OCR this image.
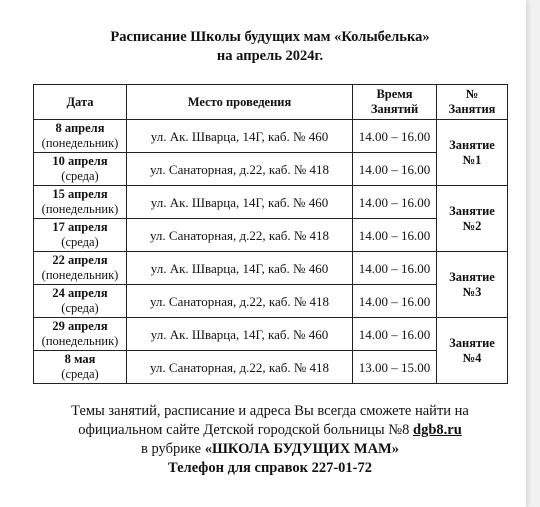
Расписание Школы будущих мам «Колыбелька»
на апрель 2024г.
Дата	Место проведения	Время
Занятий	№
Занятия

8 апреля
(понедельник)	ул. Ак. Шварца, 14Г, каб. № 460	14.00 – 16.00	Занятие
№1

10 апреля
(среда)	ул. Санаторная, д.22, каб. № 418	14.00 – 16.00	

15 апреля
(понедельник)	ул. Ак. Шварца, 14Г, каб. № 460	14.00 – 16.00	Занятие
№2

17 апреля
(среда)	ул. Санаторная, д.22, каб. № 418	14.00 – 16.00	

22 апреля
(понедельник)	ул. Ак. Шварца, 14Г, каб. № 460	14.00 – 16.00	Занятие
№3

24 апреля
(среда)	ул. Санаторная, д.22, каб. № 418	14.00 – 16.00	

29 апреля
(понедельник)	ул. Ак. Шварца, 14Г, каб. № 460	14.00 – 16.00	Занятие
№4

8 мая
(среда)	ул. Санаторная, д.22, каб. № 418	13.00 – 15.00	

Темы занятий, расписание и адреса Вы всегда сможете найти на

официальном сайте Детской городской больницы №8 dgb8.ru

в рубрике «ШКОЛА БУДУЩИХ МАМ»

Телефон для справок 227-01-72
